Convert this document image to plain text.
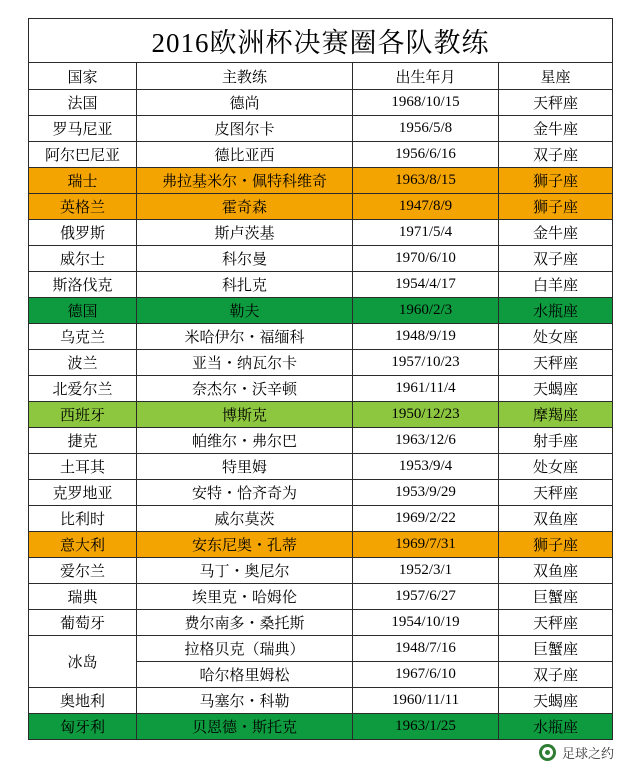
2016欧洲杯决赛圈各队教练			
国家	主教练	出生年月	星座
法国	德尚	1968/10/15	天秤座
罗马尼亚	皮图尔卡	1956/5/8	金牛座
阿尔巴尼亚	德比亚西	1956/6/16	双子座
瑞士	弗拉基米尔・佩特科维奇	1963/8/15	狮子座
英格兰	霍奇森	1947/8/9	狮子座
俄罗斯	斯卢茨基	1971/5/4	金牛座
威尔士	科尔曼	1970/6/10	双子座
斯洛伐克	科扎克	1954/4/17	白羊座
德国	勒夫	1960/2/3	水瓶座
乌克兰	米哈伊尔・福缅科	1948/9/19	处女座
波兰	亚当・纳瓦尔卡	1957/10/23	天秤座
北爱尔兰	奈杰尔・沃辛顿	1961/11/4	天蝎座
西班牙	博斯克	1950/12/23	摩羯座
捷克	帕维尔・弗尔巴	1963/12/6	射手座
土耳其	特里姆	1953/9/4	处女座
克罗地亚	安特・恰齐奇为	1953/9/29	天秤座
比利时	威尔莫茨	1969/2/22	双鱼座
意大利	安东尼奥・孔蒂	1969/7/31	狮子座
爱尔兰	马丁・奥尼尔	1952/3/1	双鱼座
瑞典	埃里克・哈姆伦	1957/6/27	巨蟹座
葡萄牙	费尔南多・桑托斯	1954/10/19	天秤座
冰岛	拉格贝克（瑞典）	1948/7/16	巨蟹座
	哈尔格里姆松	1967/6/10	双子座
奥地利	马塞尔・科勒	1960/11/11	天蝎座
匈牙利	贝恩德・斯托克	1963/1/25	水瓶座
足球之约
